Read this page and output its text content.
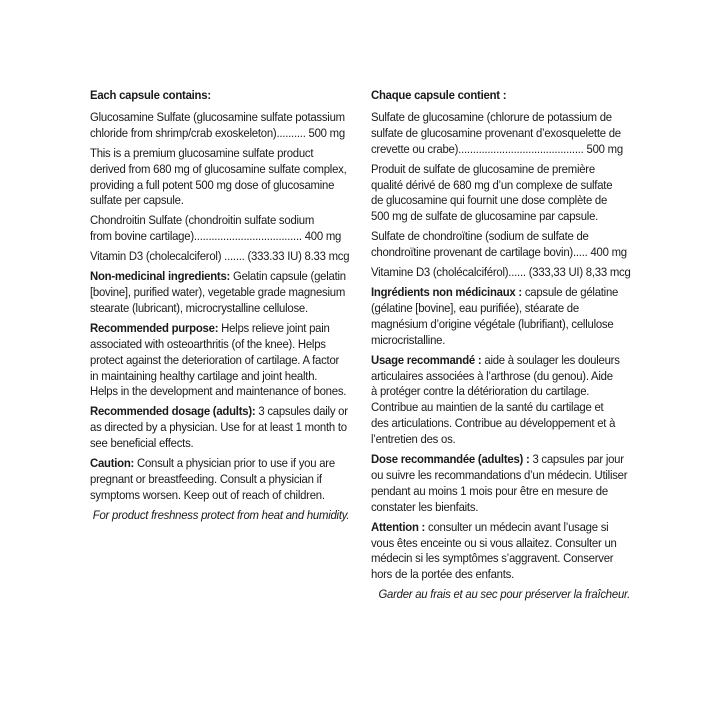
Each capsule contains:
Glucosamine Sulfate (glucosamine sulfate potassium
chloride from shrimp/crab exoskeleton).......... 500 mg
This is a premium glucosamine sulfate product
derived from 680 mg of glucosamine sulfate complex,
providing a full potent 500 mg dose of glucosamine
sulfate per capsule.
Chondroitin Sulfate (chondroitin sulfate sodium
from bovine cartilage)..................................... 400 mg
Vitamin D3 (cholecalciferol) ....... (333.33 IU) 8.33 mcg
Non-medicinal ingredients: Gelatin capsule (gelatin
[bovine], purified water), vegetable grade magnesium
stearate (lubricant), microcrystalline cellulose.
Recommended purpose: Helps relieve joint pain
associated with osteoarthritis (of the knee). Helps
protect against the deterioration of cartilage. A factor
in maintaining healthy cartilage and joint health.
Helps in the development and maintenance of bones.
Recommended dosage (adults): 3 capsules daily or
as directed by a physician. Use for at least 1 month to
see beneficial effects.
Caution: Consult a physician prior to use if you are
pregnant or breastfeeding. Consult a physician if
symptoms worsen. Keep out of reach of children.
For product freshness protect from heat and humidity.
Chaque capsule contient :
Sulfate de glucosamine (chlorure de potassium de
sulfate de glucosamine provenant d’exosquelette de
crevette ou crabe)........................................... 500 mg
Produit de sulfate de glucosamine de première
qualité dérivé de 680 mg d’un complexe de sulfate
de glucosamine qui fournit une dose complète de
500 mg de sulfate de glucosamine par capsule.
Sulfate de chondroïtine (sodium de sulfate de
chondroïtine provenant de cartilage bovin)..... 400 mg
Vitamine D3 (cholécalciférol)...... (333,33 UI) 8,33 mcg
Ingrédients non médicinaux : capsule de gélatine
(gélatine [bovine], eau purifiée), stéarate de
magnésium d’origine végétale (lubrifiant), cellulose
microcristalline.
Usage recommandé : aide à soulager les douleurs
articulaires associées à l’arthrose (du genou). Aide
à protéger contre la détérioration du cartilage.
Contribue au maintien de la santé du cartilage et
des articulations. Contribue au développement et à
l’entretien des os.
Dose recommandée (adultes) : 3 capsules par jour
ou suivre les recommandations d’un médecin. Utiliser
pendant au moins 1 mois pour être en mesure de
constater les bienfaits.
Attention : consulter un médecin avant l’usage si
vous êtes enceinte ou si vous allaitez. Consulter un
médecin si les symptômes s’aggravent. Conserver
hors de la portée des enfants.
Garder au frais et au sec pour préserver la fraîcheur.
